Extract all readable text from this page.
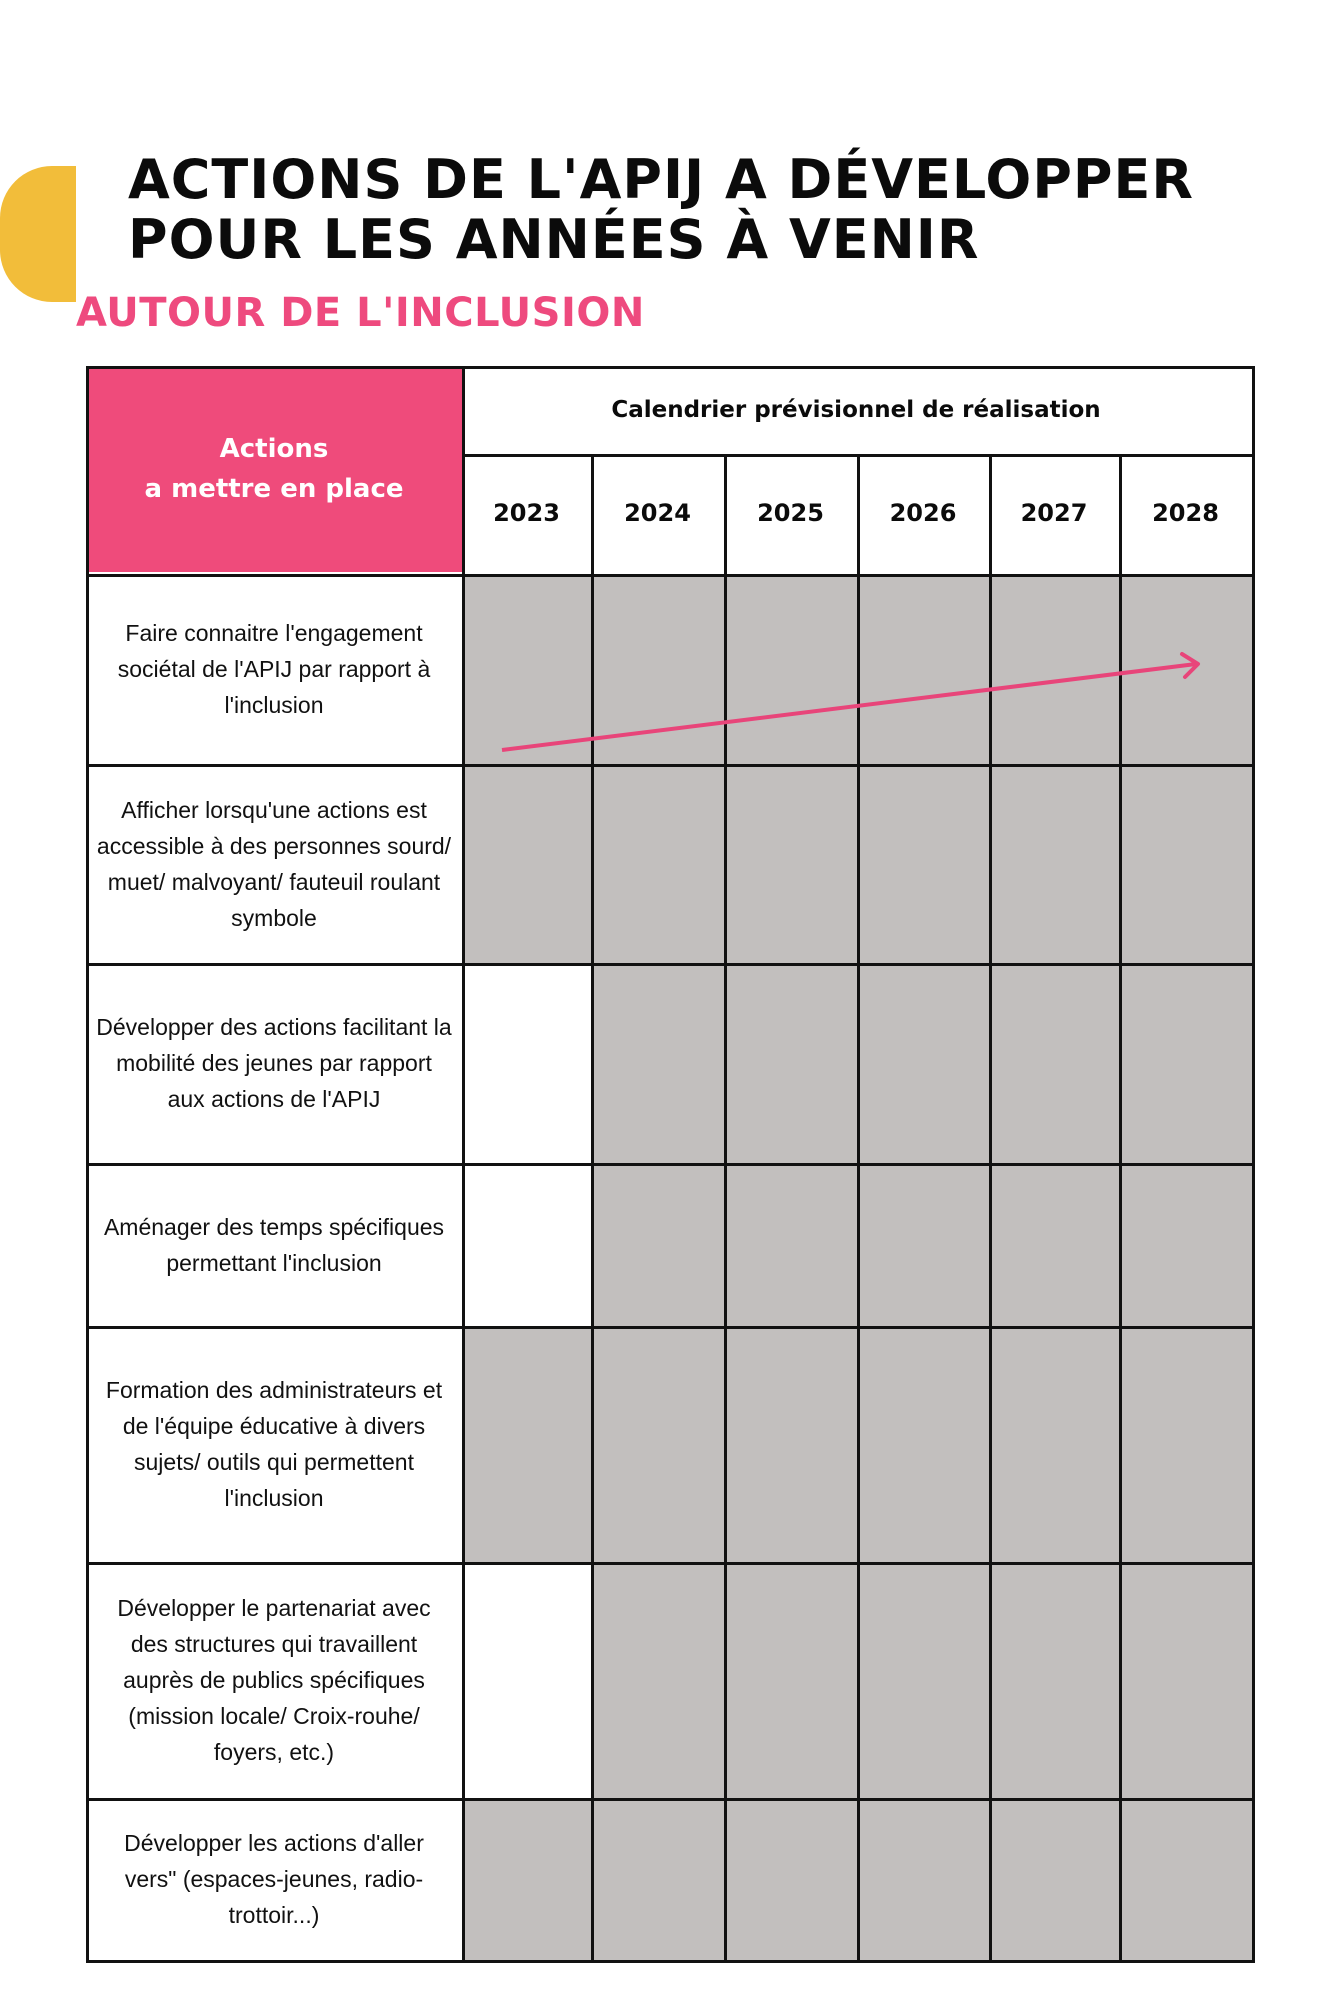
ACTIONS DE L'APIJ A DÉVELOPPER
POUR LES ANNÉES À VENIR
AUTOUR DE L'INCLUSION
Actions
a mettre en place
Calendrier prévisionnel de réalisation
2023	2024	2025	2026	2027	2028
Faire connaitre l'engagement sociétal de l'APIJ par rapport à l'inclusion
Afficher lorsqu'une actions est accessible à des personnes sourd/ muet/ malvoyant/ fauteuil roulant symbole
Développer des actions facilitant la mobilité des jeunes par rapport aux actions de l'APIJ
Aménager des temps spécifiques permettant l'inclusion
Formation des administrateurs et de l'équipe éducative à divers sujets/ outils qui permettent l'inclusion
Développer le partenariat avec des structures qui travaillent auprès de publics spécifiques (mission locale/ Croix-rouhe/ foyers, etc.)
Développer les actions d'aller vers" (espaces-jeunes, radio-trottoir...)
